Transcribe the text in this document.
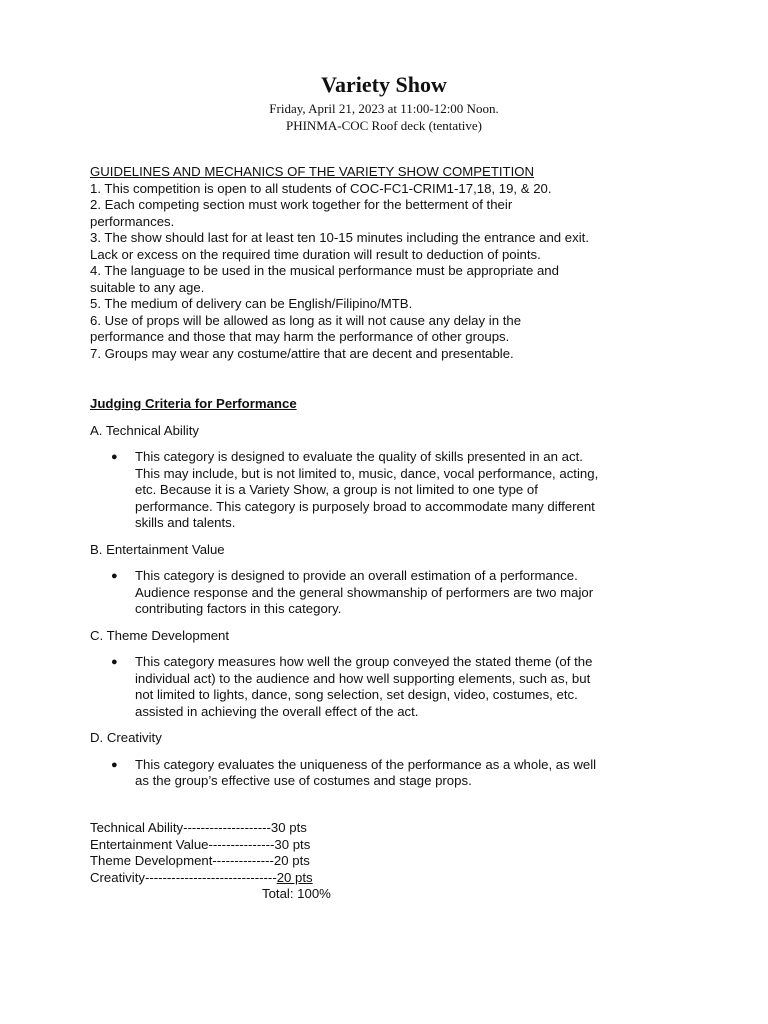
Variety Show
Friday, April 21, 2023 at 11:00-12:00 Noon.
PHINMA-COC Roof deck (tentative)
GUIDELINES AND MECHANICS OF THE VARIETY SHOW COMPETITION
1. This competition is open to all students of COC-FC1-CRIM1-17,18, 19, & 20.
2. Each competing section must work together for the betterment of their
performances.
3. The show should last for at least ten 10-15 minutes including the entrance and exit.
Lack or excess on the required time duration will result to deduction of points.
4. The language to be used in the musical performance must be appropriate and
suitable to any age.
5. The medium of delivery can be English/Filipino/MTB.
6. Use of props will be allowed as long as it will not cause any delay in the
performance and those that may harm the performance of other groups.
7. Groups may wear any costume/attire that are decent and presentable.
Judging Criteria for Performance
A. Technical Ability
● This category is designed to evaluate the quality of skills presented in an act.
This may include, but is not limited to, music, dance, vocal performance, acting,
etc. Because it is a Variety Show, a group is not limited to one type of
performance. This category is purposely broad to accommodate many different
skills and talents.
B. Entertainment Value
● This category is designed to provide an overall estimation of a performance.
Audience response and the general showmanship of performers are two major
contributing factors in this category.
C. Theme Development
● This category measures how well the group conveyed the stated theme (of the
individual act) to the audience and how well supporting elements, such as, but
not limited to lights, dance, song selection, set design, video, costumes, etc.
assisted in achieving the overall effect of the act.
D. Creativity
● This category evaluates the uniqueness of the performance as a whole, as well
as the group’s effective use of costumes and stage props.
Technical Ability--------------------30 pts
Entertainment Value---------------30 pts
Theme Development--------------20 pts
Creativity------------------------------20 pts
Total: 100%
